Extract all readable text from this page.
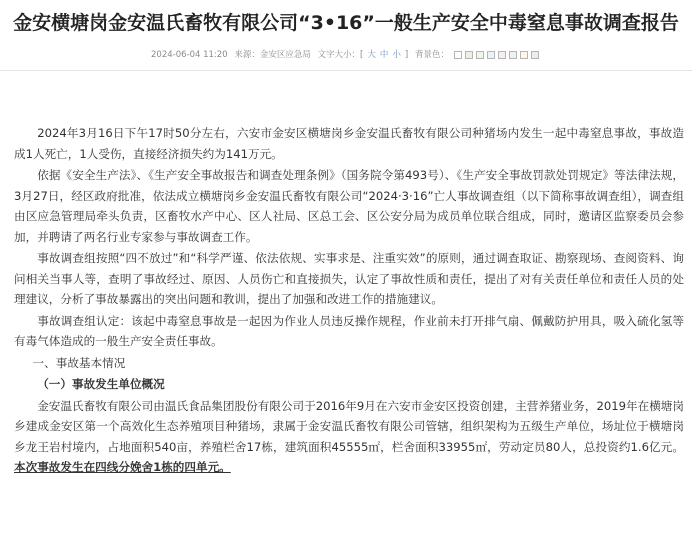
金安横塘岗金安温氏畜牧有限公司“3•16”一般生产安全中毒窒息事故调查报告
2024-06-04 11:20 来源：金安区应急局 文字大小：[ 大 中 小 ] 背景色：

2024年3月16日下午17时50分左右，六安市金安区横塘岗乡金安温氏畜牧有限公司种猪场内发生一起中毒窒息事故，事故造成1人死亡，1人受伤，直接经济损失约为141万元。

依据《安全生产法》、《生产安全事故报告和调查处理条例》（国务院令第493号）、《生产安全事故罚款处罚规定》等法律法规，3月27日，经区政府批准，依法成立横塘岗乡金安温氏畜牧有限公司“2024·3·16”亡人事故调查组（以下简称事故调查组），调查组由区应急管理局牵头负责，区畜牧水产中心、区人社局、区总工会、区公安分局为成员单位联合组成，同时，邀请区监察委员会参加，并聘请了两名行业专家参与事故调查工作。

事故调查组按照“四不放过”和“科学严谨、依法依规、实事求是、注重实效”的原则，通过调查取证、勘察现场、查阅资料、询问相关当事人等，查明了事故经过、原因、人员伤亡和直接损失，认定了事故性质和责任，提出了对有关责任单位和责任人员的处理建议，分析了事故暴露出的突出问题和教训，提出了加强和改进工作的措施建议。

事故调查组认定：该起中毒窒息事故是一起因为作业人员违反操作规程，作业前未打开排气扇、佩戴防护用具，吸入硫化氢等有毒气体造成的一般生产安全责任事故。

一、事故基本情况

（一）事故发生单位概况

金安温氏畜牧有限公司由温氏食品集团股份有限公司于2016年9月在六安市金安区投资创建，主营养猪业务，2019年在横塘岗乡建成金安区第一个高效化生态养殖项目种猪场，隶属于金安温氏畜牧有限公司管辖，组织架构为五级生产单位，场址位于横塘岗乡龙王岩村境内，占地面积540亩，养殖栏舍17栋，建筑面积45555㎡，栏舍面积33955㎡，劳动定员80人，总投资约1.6亿元。本次事故发生在四线分娩舍1栋的四单元。
